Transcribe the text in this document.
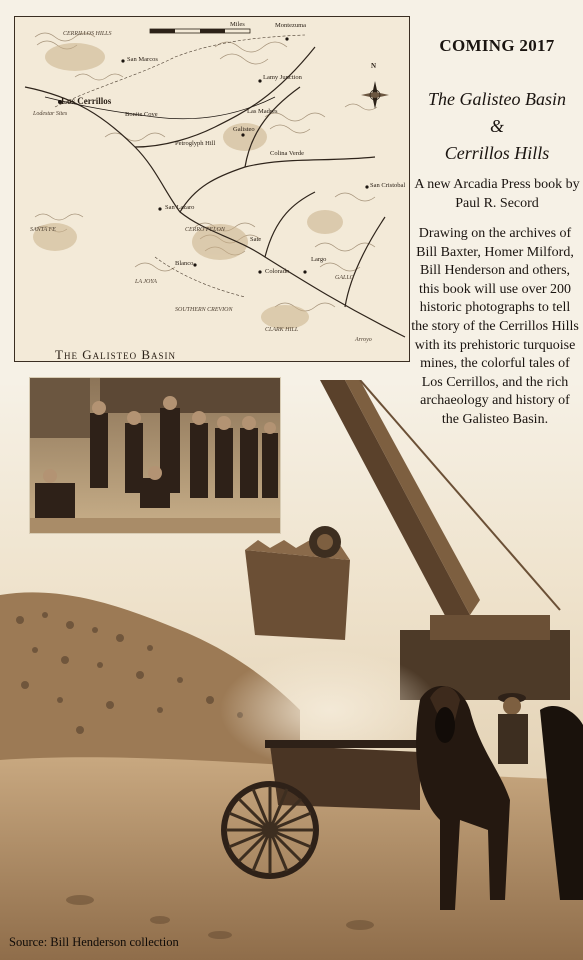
CERRILLOS HILLS
Montezuma
San Marcos
Lamy Junction
Los Cerrillos
Lodestar Sites	Bonite Cove	Las Madres
Petroglyph Hill
Galisteo
Colina Verde
San Cristobal
San Lazaro
CERRO PELON
Sate
Blanco
Colorado
Largo
LA JOYA
SOUTHERN CREVION
CLARK HILL
GALLO
SANTA FE
Arroyo
Miles
N
The Galisteo Basin
COMING 2017
The Galisteo Basin
&
Cerrillos Hills
A new Arcadia Press book by Paul R. Secord
Drawing on the archives of Bill Baxter, Homer Milford, Bill Henderson and others, this book will use over 200 historic photographs to tell the story of the Cerrillos Hills with its prehistoric turquoise mines, the colorful tales of Los Cerrillos, and the rich archaeology and history of the Galisteo Basin.
Source: Bill Henderson collection
